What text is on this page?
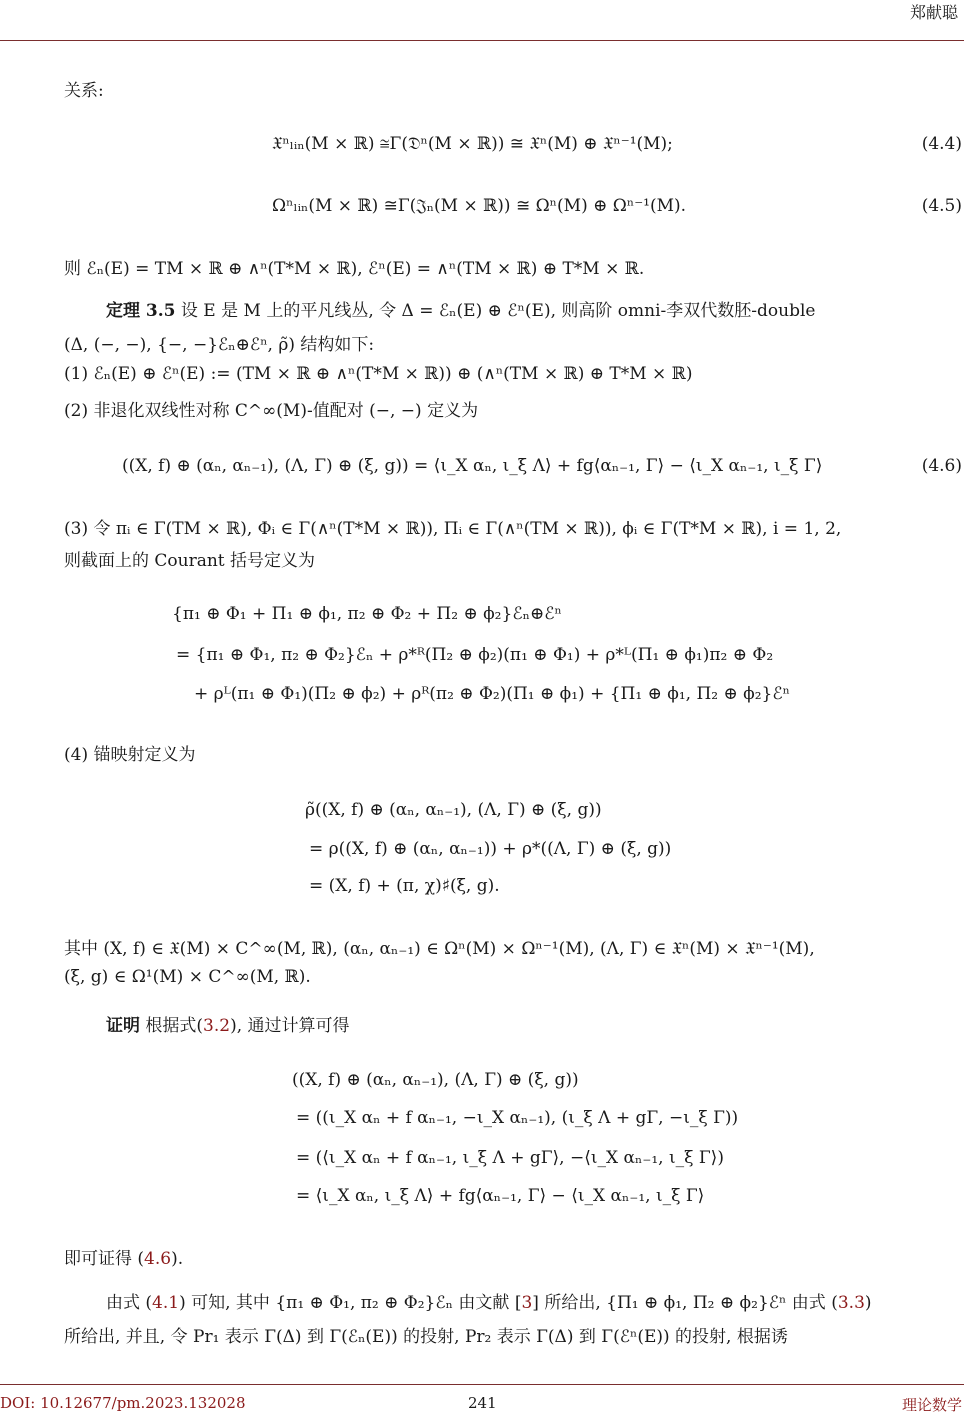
郑献聪
关系:
𝔛ⁿₗᵢₙ(M × ℝ) ≅Γ(𝔇ⁿ(M × ℝ)) ≅ 𝔛ⁿ(M) ⊕ 𝔛ⁿ⁻¹(M);	(4.4)
Ωⁿₗᵢₙ(M × ℝ) ≅Γ(𝔍ₙ(M × ℝ)) ≅ Ωⁿ(M) ⊕ Ωⁿ⁻¹(M).	(4.5)
则 ℰₙ(E) = TM × ℝ ⊕ ∧ⁿ(T*M × ℝ), ℰⁿ(E) = ∧ⁿ(TM × ℝ) ⊕ T*M × ℝ.
定理 3.5 设 E 是 M 上的平凡线丛, 令 Δ = ℰₙ(E) ⊕ ℰⁿ(E), 则高阶 omni-李双代数胚-double
(Δ, (−, −), {−, −}ℰₙ⊕ℰⁿ, ρ̃) 结构如下:
(1) ℰₙ(E) ⊕ ℰⁿ(E) := (TM × ℝ ⊕ ∧ⁿ(T*M × ℝ)) ⊕ (∧ⁿ(TM × ℝ) ⊕ T*M × ℝ)
(2) 非退化双线性对称 C^∞(M)-值配对 (−, −) 定义为
((X, f) ⊕ (αₙ, αₙ₋₁), (Λ, Γ) ⊕ (ξ, g)) = ⟨ι_X αₙ, ι_ξ Λ⟩ + fg⟨αₙ₋₁, Γ⟩ − ⟨ι_X αₙ₋₁, ι_ξ Γ⟩	(4.6)
(3) 令 πᵢ ∈ Γ(TM × ℝ), Φᵢ ∈ Γ(∧ⁿ(T*M × ℝ)), Πᵢ ∈ Γ(∧ⁿ(TM × ℝ)), ϕᵢ ∈ Γ(T*M × ℝ), i = 1, 2,
则截面上的 Courant 括号定义为
{π₁ ⊕ Φ₁ + Π₁ ⊕ ϕ₁, π₂ ⊕ Φ₂ + Π₂ ⊕ ϕ₂}ℰₙ⊕ℰⁿ
= {π₁ ⊕ Φ₁, π₂ ⊕ Φ₂}ℰₙ + ρ*ᴿ(Π₂ ⊕ ϕ₂)(π₁ ⊕ Φ₁) + ρ*ᴸ(Π₁ ⊕ ϕ₁)π₂ ⊕ Φ₂
+ ρᴸ(π₁ ⊕ Φ₁)(Π₂ ⊕ ϕ₂) + ρᴿ(π₂ ⊕ Φ₂)(Π₁ ⊕ ϕ₁) + {Π₁ ⊕ ϕ₁, Π₂ ⊕ ϕ₂}ℰⁿ
(4) 锚映射定义为
ρ̃((X, f) ⊕ (αₙ, αₙ₋₁), (Λ, Γ) ⊕ (ξ, g))
= ρ((X, f) ⊕ (αₙ, αₙ₋₁)) + ρ*((Λ, Γ) ⊕ (ξ, g))
= (X, f) + (π, χ)♯(ξ, g).
其中 (X, f) ∈ 𝔛(M) × C^∞(M, ℝ), (αₙ, αₙ₋₁) ∈ Ωⁿ(M) × Ωⁿ⁻¹(M), (Λ, Γ) ∈ 𝔛ⁿ(M) × 𝔛ⁿ⁻¹(M),
(ξ, g) ∈ Ω¹(M) × C^∞(M, ℝ).
证明 根据式(3.2), 通过计算可得
((X, f) ⊕ (αₙ, αₙ₋₁), (Λ, Γ) ⊕ (ξ, g))
= ((ι_X αₙ + f αₙ₋₁, −ι_X αₙ₋₁), (ι_ξ Λ + gΓ, −ι_ξ Γ))
= (⟨ι_X αₙ + f αₙ₋₁, ι_ξ Λ + gΓ⟩, −⟨ι_X αₙ₋₁, ι_ξ Γ⟩)
= ⟨ι_X αₙ, ι_ξ Λ⟩ + fg⟨αₙ₋₁, Γ⟩ − ⟨ι_X αₙ₋₁, ι_ξ Γ⟩
即可证得 (4.6).
由式 (4.1) 可知, 其中 {π₁ ⊕ Φ₁, π₂ ⊕ Φ₂}ℰₙ 由文献 [3] 所给出, {Π₁ ⊕ ϕ₁, Π₂ ⊕ ϕ₂}ℰⁿ 由式 (3.3)
所给出, 并且, 令 Pr₁ 表示 Γ(Δ) 到 Γ(ℰₙ(E)) 的投射, Pr₂ 表示 Γ(Δ) 到 Γ(ℰⁿ(E)) 的投射, 根据诱
DOI: 10.12677/pm.2023.132028	241	理论数学
